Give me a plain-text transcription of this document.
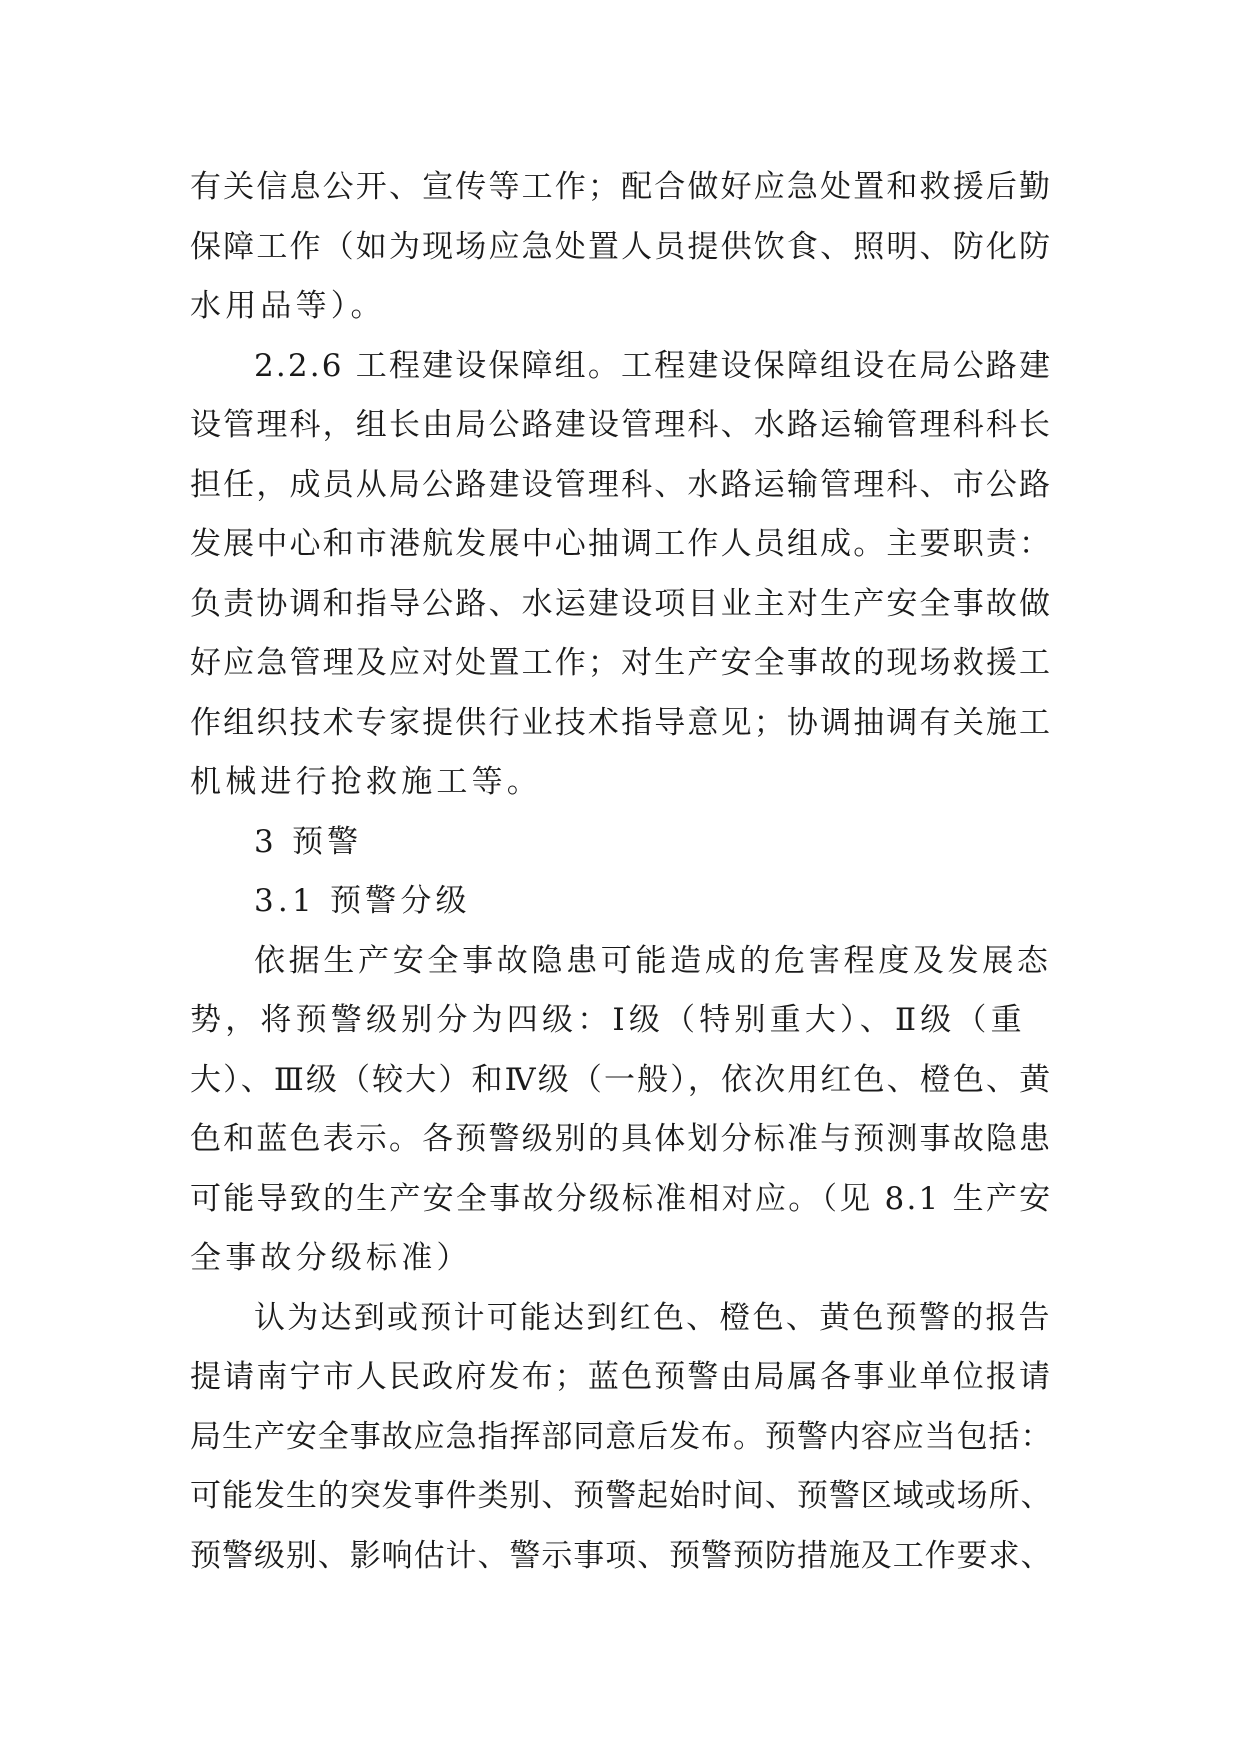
有关信息公开、宣传等工作；配合做好应急处置和救援后勤
保障工作（如为现场应急处置人员提供饮食、照明、防化防
水用品等）。
2.2.6 工程建设保障组。工程建设保障组设在局公路建
设管理科，组长由局公路建设管理科、水路运输管理科科长
担任，成员从局公路建设管理科、水路运输管理科、市公路
发展中心和市港航发展中心抽调工作人员组成。主要职责：
负责协调和指导公路、水运建设项目业主对生产安全事故做
好应急管理及应对处置工作；对生产安全事故的现场救援工
作组织技术专家提供行业技术指导意见；协调抽调有关施工
机械进行抢救施工等。
3 预警
3.1 预警分级
依据生产安全事故隐患可能造成的危害程度及发展态
势，将预警级别分为四级：Ⅰ级（特别重大）、Ⅱ级（重
大）、Ⅲ级（较大）和Ⅳ级（一般），依次用红色、橙色、黄
色和蓝色表示。各预警级别的具体划分标准与预测事故隐患
可能导致的生产安全事故分级标准相对应。（见 8.1 生产安
全事故分级标准）
认为达到或预计可能达到红色、橙色、黄色预警的报告
提请南宁市人民政府发布；蓝色预警由局属各事业单位报请
局生产安全事故应急指挥部同意后发布。预警内容应当包括：
可能发生的突发事件类别、预警起始时间、预警区域或场所、
预警级别、影响估计、警示事项、预警预防措施及工作要求、
